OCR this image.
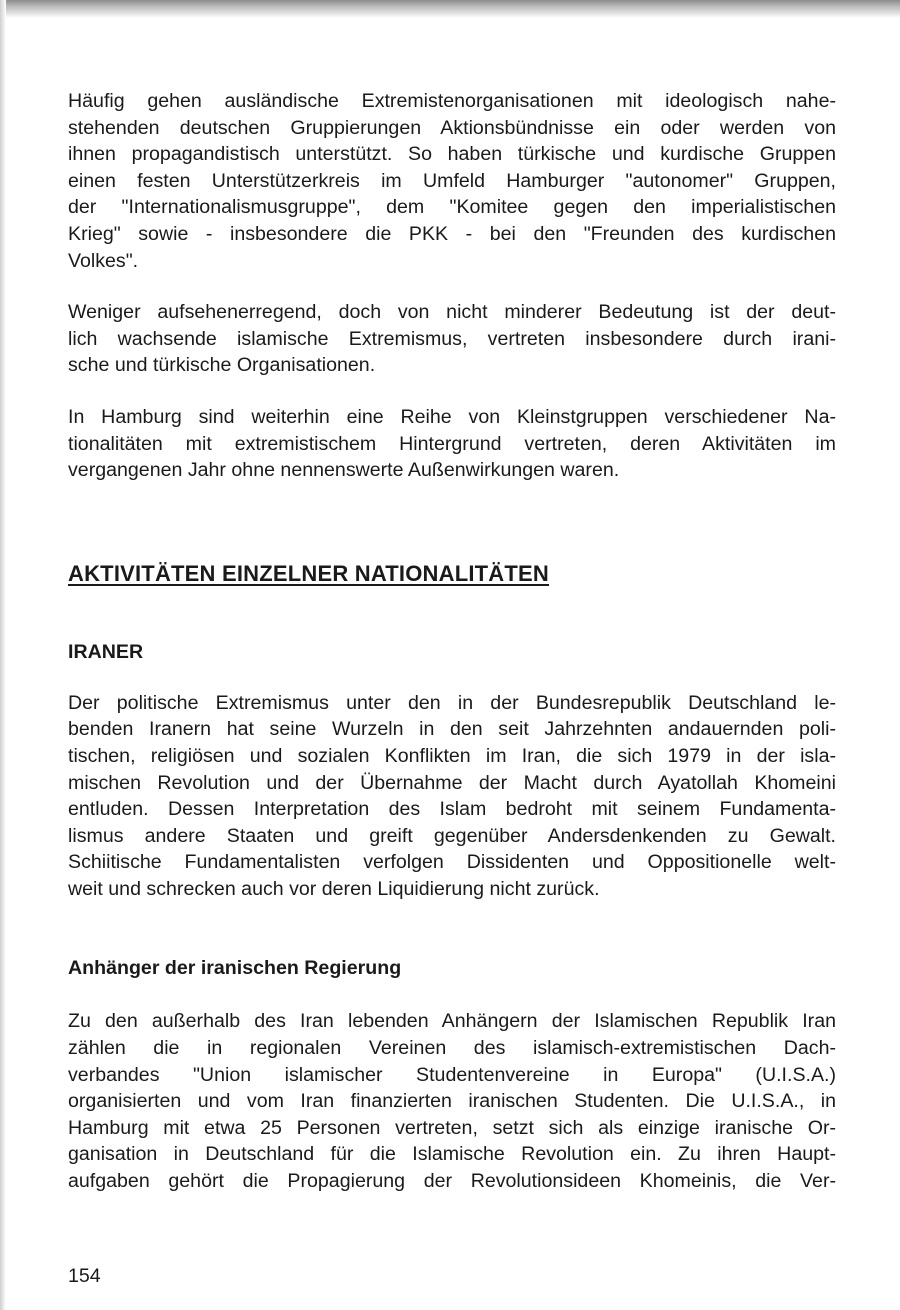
Häufig gehen ausländische Extremistenorganisationen mit ideologisch nahe-
stehenden deutschen Gruppierungen Aktionsbündnisse ein oder werden von
ihnen propagandistisch unterstützt. So haben türkische und kurdische Gruppen
einen festen Unterstützerkreis im Umfeld Hamburger "autonomer" Gruppen,
der "Internationalismusgruppe", dem "Komitee gegen den imperialistischen
Krieg" sowie - insbesondere die PKK - bei den "Freunden des kurdischen
Volkes".

Weniger aufsehenerregend, doch von nicht minderer Bedeutung ist der deut-
lich wachsende islamische Extremismus, vertreten insbesondere durch irani-
sche und türkische Organisationen.

In Hamburg sind weiterhin eine Reihe von Kleinstgruppen verschiedener Na-
tionalitäten mit extremistischem Hintergrund vertreten, deren Aktivitäten im
vergangenen Jahr ohne nennenswerte Außenwirkungen waren.

AKTIVITÄTEN EINZELNER NATIONALITÄTEN
IRANER

Der politische Extremismus unter den in der Bundesrepublik Deutschland le-
benden Iranern hat seine Wurzeln in den seit Jahrzehnten andauernden poli-
tischen, religiösen und sozialen Konflikten im Iran, die sich 1979 in der isla-
mischen Revolution und der Übernahme der Macht durch Ayatollah Khomeini
entluden. Dessen Interpretation des Islam bedroht mit seinem Fundamenta-
lismus andere Staaten und greift gegenüber Andersdenkenden zu Gewalt.
Schiitische Fundamentalisten verfolgen Dissidenten und Oppositionelle welt-
weit und schrecken auch vor deren Liquidierung nicht zurück.

Anhänger der iranischen Regierung

Zu den außerhalb des Iran lebenden Anhängern der Islamischen Republik Iran
zählen die in regionalen Vereinen des islamisch-extremistischen Dach-
verbandes "Union islamischer Studentenvereine in Europa" (U.I.S.A.)
organisierten und vom Iran finanzierten iranischen Studenten. Die U.I.S.A., in
Hamburg mit etwa 25 Personen vertreten, setzt sich als einzige iranische Or-
ganisation in Deutschland für die Islamische Revolution ein. Zu ihren Haupt-
aufgaben gehört die Propagierung der Revolutionsideen Khomeinis, die Ver-

154
